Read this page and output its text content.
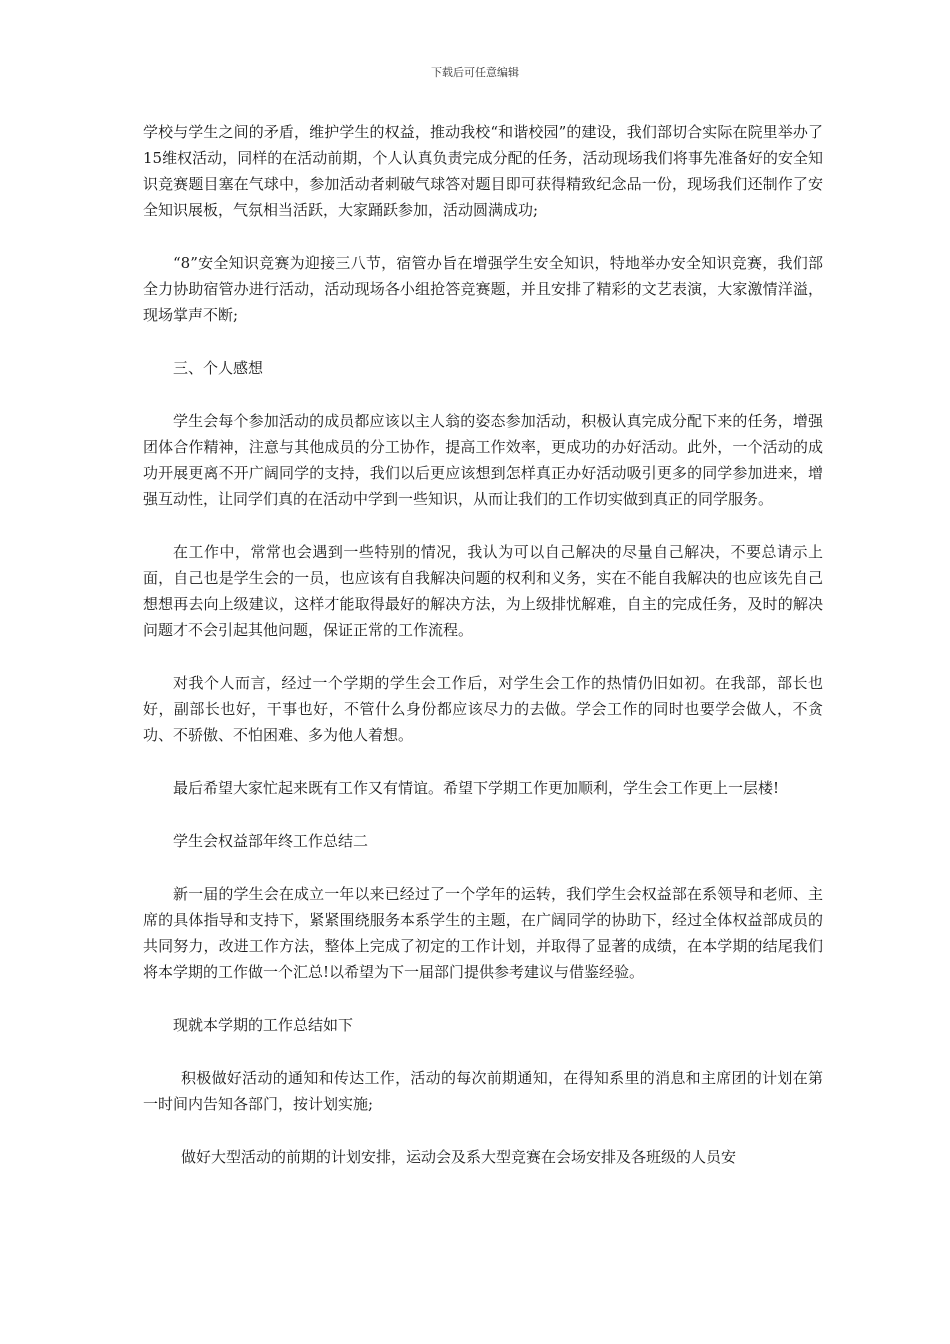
下载后可任意编辑

学校与学生之间的矛盾，维护学生的权益，推动我校“和谐校园”的建设，我们部切合实际在院里举办了15维权活动，同样的在活动前期，个人认真负责完成分配的任务，活动现场我们将事先准备好的安全知识竞赛题目塞在气球中，参加活动者刺破气球答对题目即可获得精致纪念品一份，现场我们还制作了安全知识展板，气氛相当活跃，大家踊跃参加，活动圆满成功;

“8”安全知识竞赛为迎接三八节，宿管办旨在增强学生安全知识，特地举办安全知识竞赛，我们部全力协助宿管办进行活动，活动现场各小组抢答竞赛题，并且安排了精彩的文艺表演，大家激情洋溢，现场掌声不断;

三、个人感想

学生会每个参加活动的成员都应该以主人翁的姿态参加活动，积极认真完成分配下来的任务，增强团体合作精神，注意与其他成员的分工协作，提高工作效率，更成功的办好活动。此外，一个活动的成功开展更离不开广阔同学的支持，我们以后更应该想到怎样真正办好活动吸引更多的同学参加进来，增强互动性，让同学们真的在活动中学到一些知识，从而让我们的工作切实做到真正的同学服务。

在工作中，常常也会遇到一些特别的情况，我认为可以自己解决的尽量自己解决，不要总请示上面，自己也是学生会的一员，也应该有自我解决问题的权利和义务，实在不能自我解决的也应该先自己想想再去向上级建议，这样才能取得最好的解决方法，为上级排忧解难，自主的完成任务，及时的解决问题才不会引起其他问题，保证正常的工作流程。

对我个人而言，经过一个学期的学生会工作后，对学生会工作的热情仍旧如初。在我部，部长也好，副部长也好，干事也好，不管什么身份都应该尽力的去做。学会工作的同时也要学会做人，不贪功、不骄傲、不怕困难、多为他人着想。

最后希望大家忙起来既有工作又有情谊。希望下学期工作更加顺利，学生会工作更上一层楼!

学生会权益部年终工作总结二

新一届的学生会在成立一年以来已经过了一个学年的运转，我们学生会权益部在系领导和老师、主席的具体指导和支持下，紧紧围绕服务本系学生的主题，在广阔同学的协助下，经过全体权益部成员的共同努力，改进工作方法，整体上完成了初定的工作计划，并取得了显著的成绩，在本学期的结尾我们将本学期的工作做一个汇总!以希望为下一届部门提供参考建议与借鉴经验。

现就本学期的工作总结如下

积极做好活动的通知和传达工作，活动的每次前期通知，在得知系里的消息和主席团的计划在第一时间内告知各部门，按计划实施;

做好大型活动的前期的计划安排，运动会及系大型竞赛在会场安排及各班级的人员安
